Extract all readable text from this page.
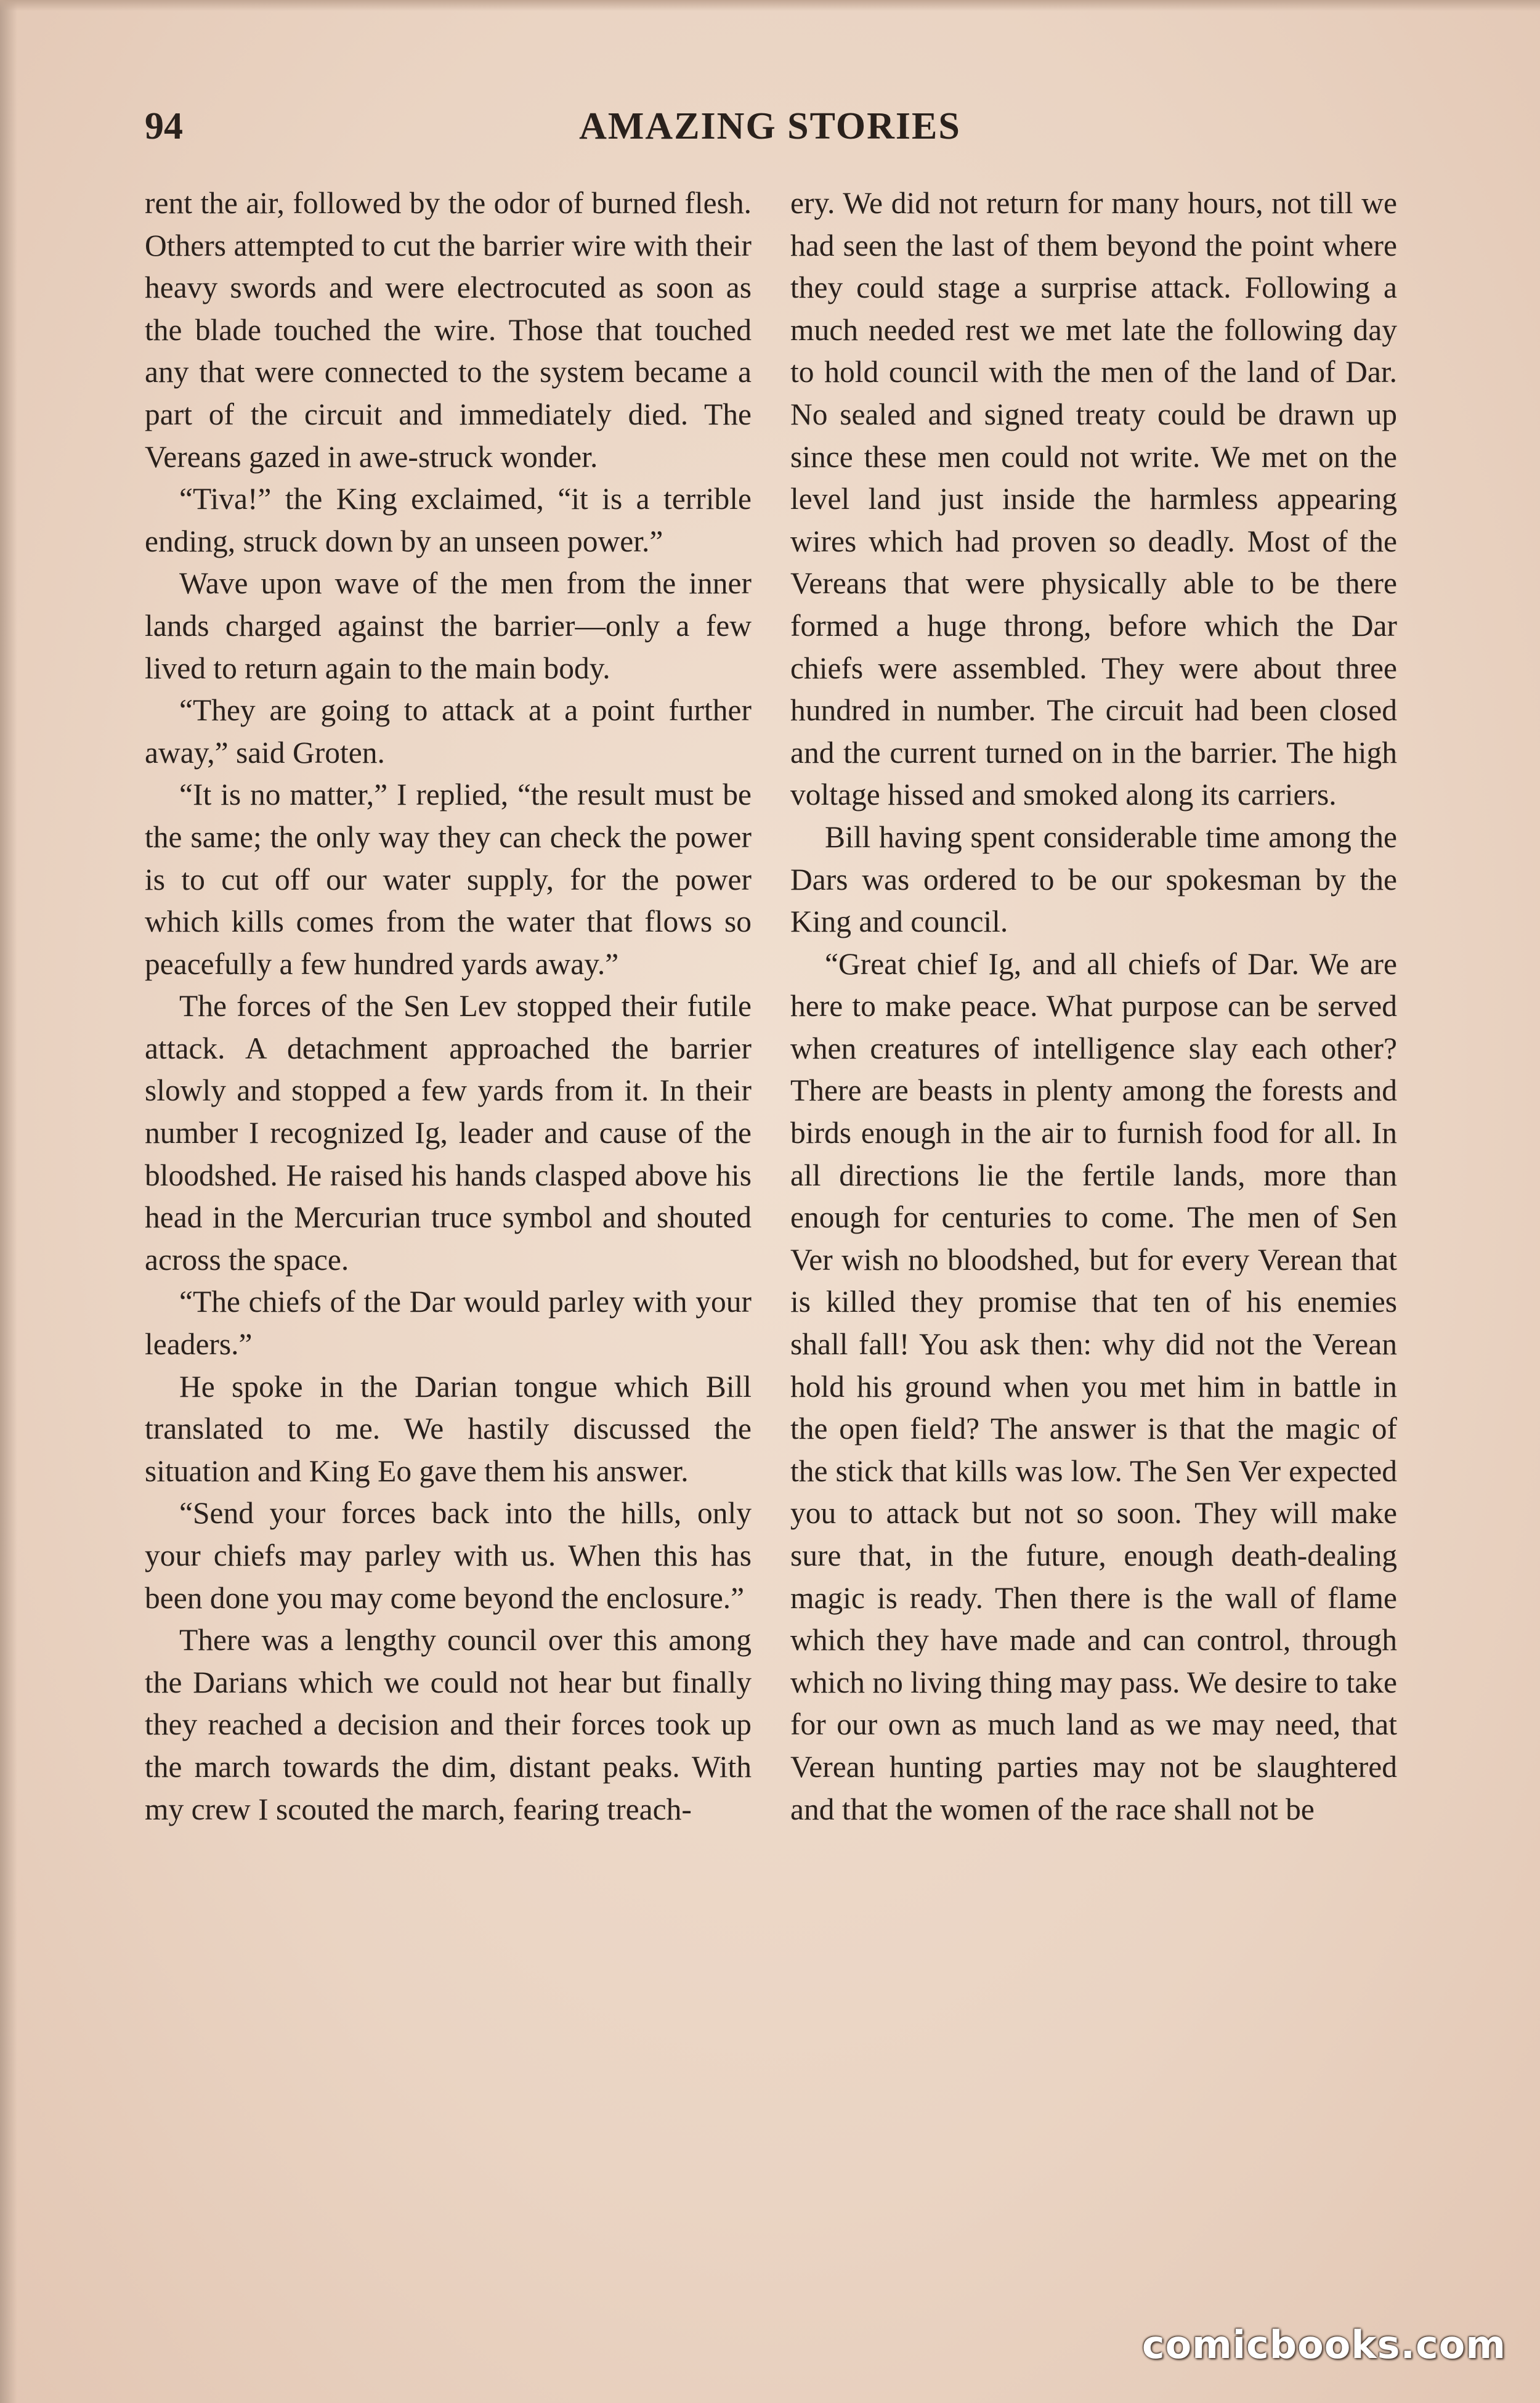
94	AMAZING STORIES

rent the air, followed by the odor of burned flesh. Others attempted to cut the barrier wire with their heavy swords and were electrocuted as soon as the blade touched the wire. Those that touched any that were connected to the system became a part of the circuit and immediately died. The Vereans gazed in awe-struck wonder.

“Tiva!” the King exclaimed, “it is a terrible ending, struck down by an unseen power.”

Wave upon wave of the men from the inner lands charged against the barrier—only a few lived to return again to the main body.

“They are going to attack at a point further away,” said Groten.

“It is no matter,” I replied, “the result must be the same; the only way they can check the power is to cut off our water supply, for the power which kills comes from the water that flows so peacefully a few hundred yards away.”

The forces of the Sen Lev stopped their futile attack. A detachment approached the barrier slowly and stopped a few yards from it. In their number I recognized Ig, leader and cause of the bloodshed. He raised his hands clasped above his head in the Mercurian truce symbol and shouted across the space.

“The chiefs of the Dar would parley with your leaders.”

He spoke in the Darian tongue which Bill translated to me. We hastily discussed the situation and King Eo gave them his answer.

“Send your forces back into the hills, only your chiefs may parley with us. When this has been done you may come beyond the enclosure.”

There was a lengthy council over this among the Darians which we could not hear but finally they reached a decision and their forces took up the march towards the dim, distant peaks. With my crew I scouted the march, fearing treach-

ery. We did not return for many hours, not till we had seen the last of them beyond the point where they could stage a surprise attack. Following a much needed rest we met late the following day to hold council with the men of the land of Dar. No sealed and signed treaty could be drawn up since these men could not write. We met on the level land just inside the harmless appearing wires which had proven so deadly. Most of the Vereans that were physically able to be there formed a huge throng, before which the Dar chiefs were assembled. They were about three hundred in number. The circuit had been closed and the current turned on in the barrier. The high voltage hissed and smoked along its carriers.

Bill having spent considerable time among the Dars was ordered to be our spokesman by the King and council.

“Great chief Ig, and all chiefs of Dar. We are here to make peace. What purpose can be served when creatures of intelligence slay each other? There are beasts in plenty among the forests and birds enough in the air to furnish food for all. In all directions lie the fertile lands, more than enough for centuries to come. The men of Sen Ver wish no bloodshed, but for every Verean that is killed they promise that ten of his enemies shall fall! You ask then: why did not the Verean hold his ground when you met him in battle in the open field? The answer is that the magic of the stick that kills was low. The Sen Ver expected you to attack but not so soon. They will make sure that, in the future, enough death-dealing magic is ready. Then there is the wall of flame which they have made and can control, through which no living thing may pass. We desire to take for our own as much land as we may need, that Verean hunting parties may not be slaughtered and that the women of the race shall not be

comicbooks.com
